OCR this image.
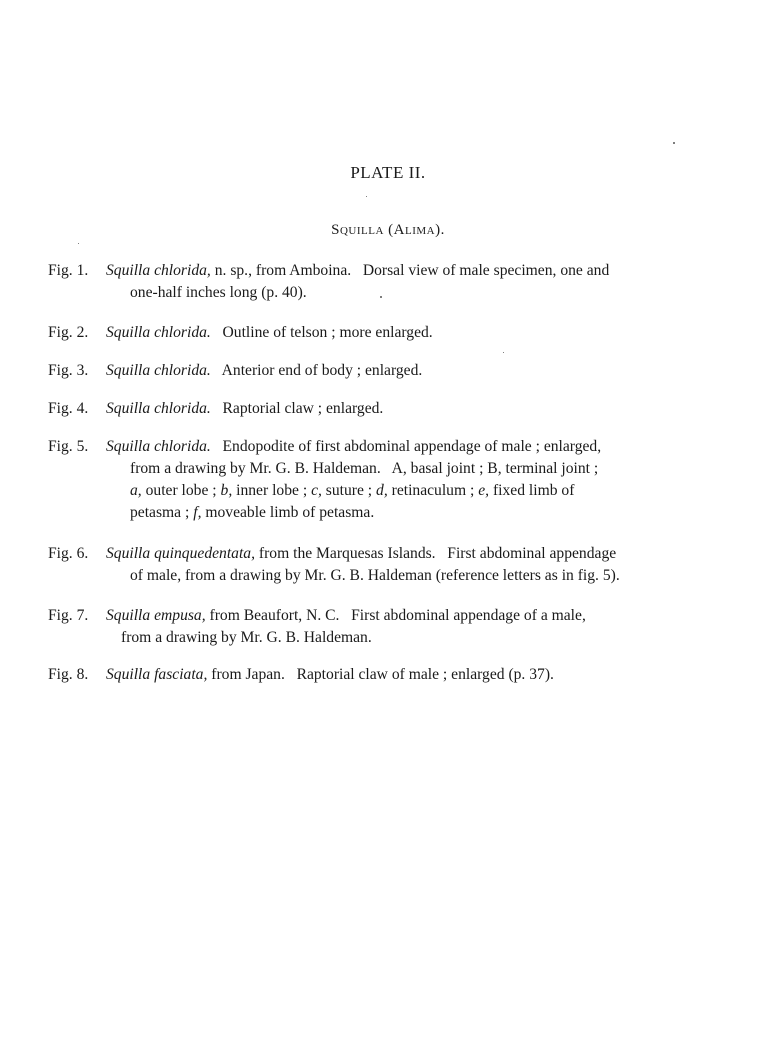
PLATE II.
Squilla (Alima).
Fig. 1. Squilla chlorida, n. sp., from Amboina.   Dorsal view of male specimen, one and
one-half inches long (p. 40).
Fig. 2. Squilla chlorida.   Outline of telson ; more enlarged.
Fig. 3. Squilla chlorida.   Anterior end of body ; enlarged.
Fig. 4. Squilla chlorida.   Raptorial claw ; enlarged.
Fig. 5. Squilla chlorida.   Endopodite of first abdominal appendage of male ; enlarged,
from a drawing by Mr. G. B. Haldeman.   A, basal joint ; B, terminal joint ;
a, outer lobe ; b, inner lobe ; c, suture ; d, retinaculum ; e, fixed limb of
petasma ; f, moveable limb of petasma.
Fig. 6. Squilla quinquedentata, from the Marquesas Islands.   First abdominal appendage
of male, from a drawing by Mr. G. B. Haldeman (reference letters as in fig. 5).
Fig. 7. Squilla empusa, from Beaufort, N. C.   First abdominal appendage of a male,
from a drawing by Mr. G. B. Haldeman.
Fig. 8. Squilla fasciata, from Japan.   Raptorial claw of male ; enlarged (p. 37).
